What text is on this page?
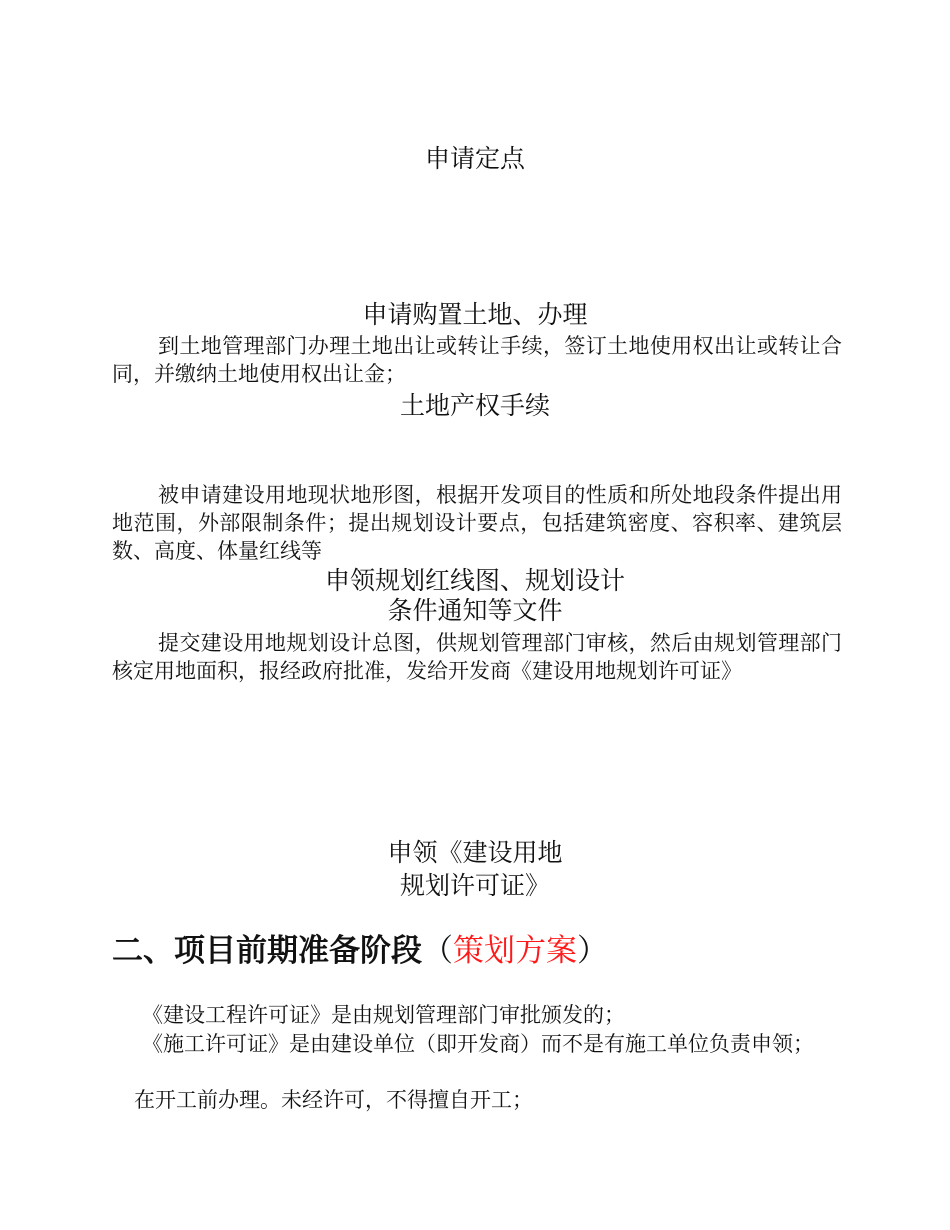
申请定点

申请购置土地、办理

到土地管理部门办理土地出让或转让手续，签订土地使用权出让或转让合同，并缴纳土地使用权出让金；

土地产权手续

被申请建设用地现状地形图，根据开发项目的性质和所处地段条件提出用地范围，外部限制条件；提出规划设计要点，包括建筑密度、容积率、建筑层数、高度、体量红线等

申领规划红线图、规划设计

条件通知等文件

提交建设用地规划设计总图，供规划管理部门审核，然后由规划管理部门核定用地面积，报经政府批准，发给开发商《建设用地规划许可证》

申领《建设用地

规划许可证》

二、项目前期准备阶段（策划方案）

《建设工程许可证》是由规划管理部门审批颁发的；

《施工许可证》是由建设单位（即开发商）而不是有施工单位负责申领；

在开工前办理。未经许可，不得擅自开工；
